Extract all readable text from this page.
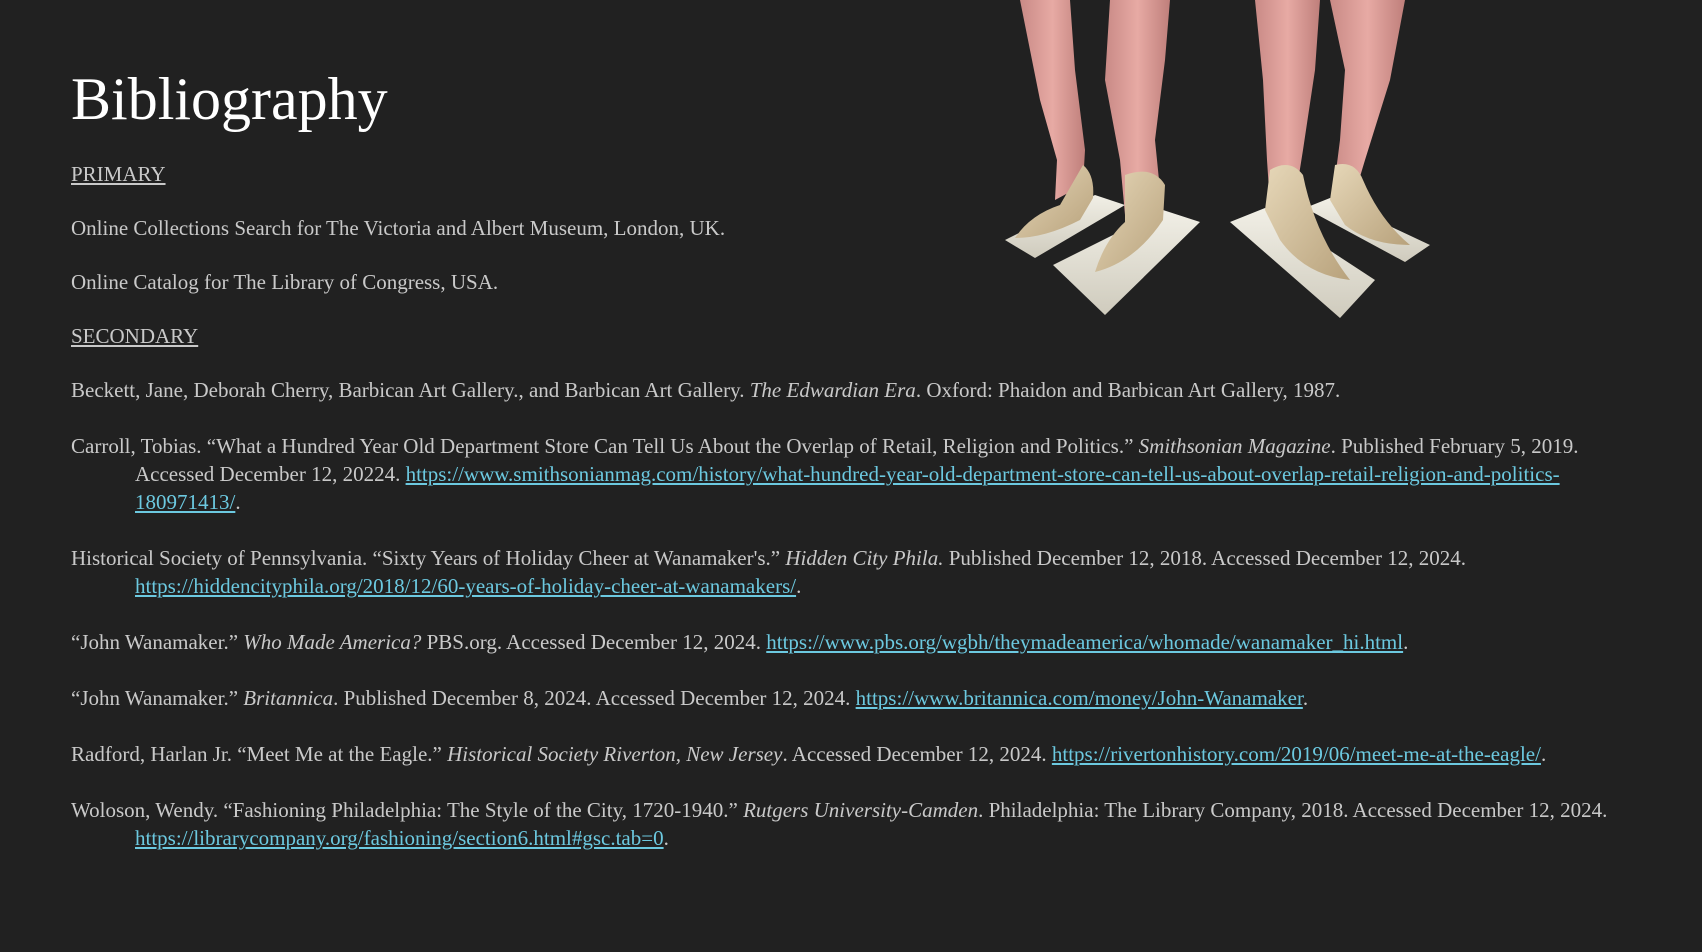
Bibliography

PRIMARY

Online Collections Search for The Victoria and Albert Museum, London, UK.

Online Catalog for The Library of Congress, USA.

SECONDARY

Beckett, Jane, Deborah Cherry, Barbican Art Gallery., and Barbican Art Gallery. The Edwardian Era. Oxford: Phaidon and Barbican Art Gallery, 1987.

Carroll, Tobias. “What a Hundred Year Old Department Store Can Tell Us About the Overlap of Retail, Religion and Politics.” Smithsonian Magazine. Published February 5, 2019. Accessed December 12, 20224. https://www.smithsonianmag.com/history/what-hundred-year-old-department-store-can-tell-us-about-overlap-retail-religion-and-politics-180971413/.

Historical Society of Pennsylvania. “Sixty Years of Holiday Cheer at Wanamaker's.” Hidden City Phila. Published December 12, 2018. Accessed December 12, 2024. https://hiddencityphila.org/2018/12/60-years-of-holiday-cheer-at-wanamakers/.

“John Wanamaker.” Who Made America? PBS.org. Accessed December 12, 2024. https://www.pbs.org/wgbh/theymadeamerica/whomade/wanamaker_hi.html.

“John Wanamaker.” Britannica. Published December 8, 2024. Accessed December 12, 2024. https://www.britannica.com/money/John-Wanamaker.

Radford, Harlan Jr. “Meet Me at the Eagle.” Historical Society Riverton, New Jersey. Accessed December 12, 2024. https://rivertonhistory.com/2019/06/meet-me-at-the-eagle/.

Woloson, Wendy. “Fashioning Philadelphia: The Style of the City, 1720-1940.” Rutgers University-Camden. Philadelphia: The Library Company, 2018. Accessed December 12, 2024. https://librarycompany.org/fashioning/section6.html#gsc.tab=0.
